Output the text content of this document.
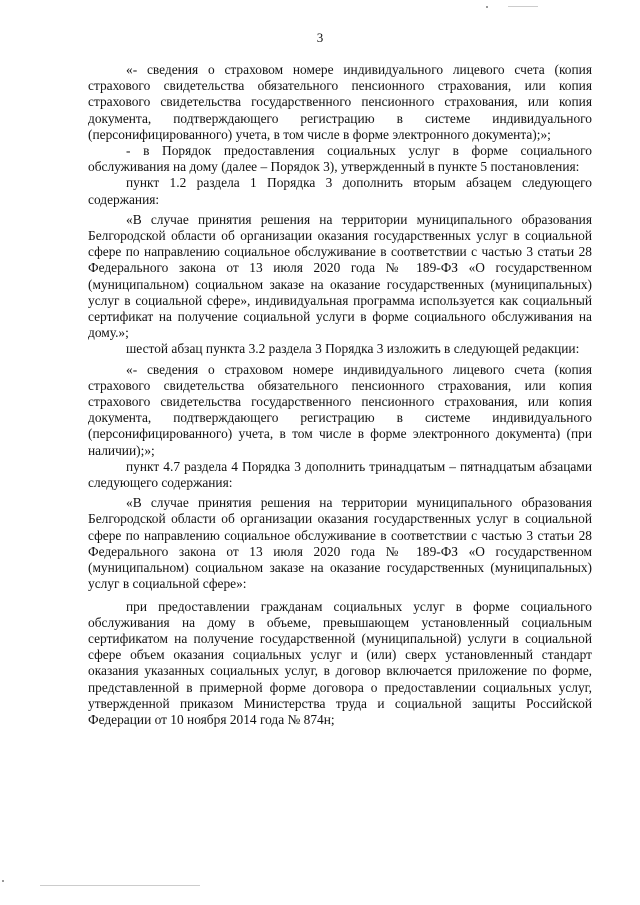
3

«- сведения о страховом номере индивидуального лицевого счета (копия страхового свидетельства обязательного пенсионного страхования, или копия страхового свидетельства государственного пенсионного страхования, или копия документа, подтверждающего регистрацию в системе индивидуального (персонифицированного) учета, в том числе в форме электронного документа);»;

- в Порядок предоставления социальных услуг в форме социального обслуживания на дому (далее – Порядок 3), утвержденный в пункте 5 постановления:

пункт 1.2 раздела 1 Порядка 3 дополнить вторым абзацем следующего содержания:

«В случае принятия решения на территории муниципального образования Белгородской области об организации оказания государственных услуг в социальной сфере по направлению социальное обслуживание в соответствии с частью 3 статьи 28 Федерального закона от 13 июля 2020 года № 189-ФЗ «О государственном (муниципальном) социальном заказе на оказание государственных (муниципальных) услуг в социальной сфере», индивидуальная программа используется как социальный сертификат на получение социальной услуги в форме социального обслуживания на дому.»;

шестой абзац пункта 3.2 раздела 3 Порядка 3 изложить в следующей редакции:

«- сведения о страховом номере индивидуального лицевого счета (копия страхового свидетельства обязательного пенсионного страхования, или копия страхового свидетельства государственного пенсионного страхования, или копия документа, подтверждающего регистрацию в системе индивидуального (персонифицированного) учета, в том числе в форме электронного документа) (при наличии);»;

пункт 4.7 раздела 4 Порядка 3 дополнить тринадцатым – пятнадцатым абзацами следующего содержания:

«В случае принятия решения на территории муниципального образования Белгородской области об организации оказания государственных услуг в социальной сфере по направлению социальное обслуживание в соответствии с частью 3 статьи 28 Федерального закона от 13 июля 2020 года № 189-ФЗ «О государственном (муниципальном) социальном заказе на оказание государственных (муниципальных) услуг в социальной сфере»:

при предоставлении гражданам социальных услуг в форме социального обслуживания на дому в объеме, превышающем установленный социальным сертификатом на получение государственной (муниципальной) услуги в социальной сфере объем оказания социальных услуг и (или) сверх установленный стандарт оказания указанных социальных услуг, в договор включается приложение по форме, представленной в примерной форме договора о предоставлении социальных услуг, утвержденной приказом Министерства труда и социальной защиты Российской Федерации от 10 ноября 2014 года № 874н;
